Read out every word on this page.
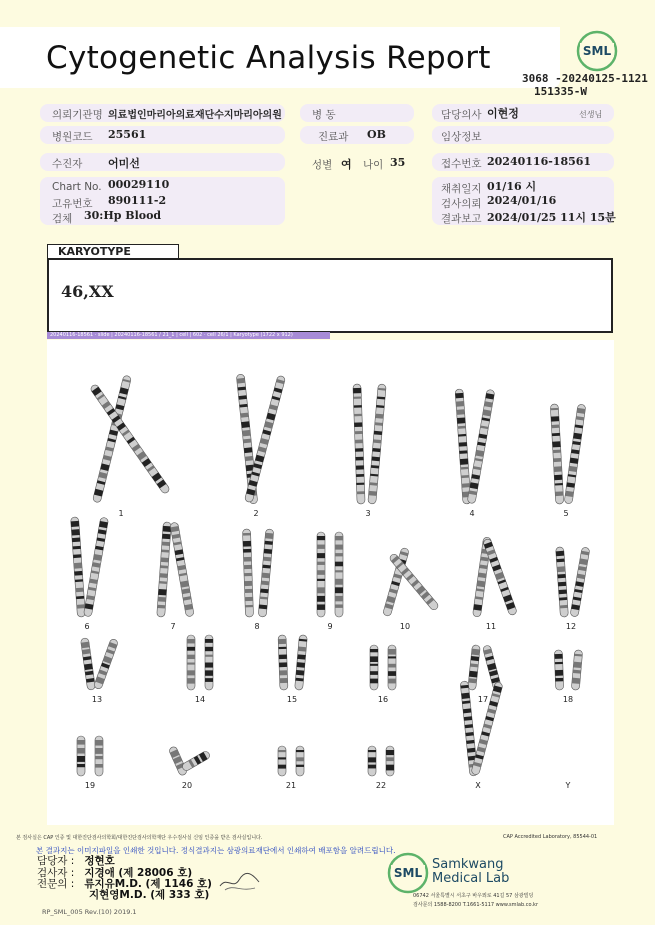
Cytogenetic Analysis Report	SML
3068 -20240125-1121
151335-W
의뢰기관명 의료법인마리아의료재단수지마리아의원	병 동	담당의사 이현정	선생님
병원코드 25561	진료과 OB	임상정보
수진자 어미선	성별 여 나이 35	접수번호 20240116-18561
Chart No. 00029110
고유번호 890111-2
검체 30:Hp Blood
채취일지 01/16 시
검사의뢰 2024/01/16
결과보고 2024/01/25 11시 15분
KARYOTYPE
46,XX
20240116-18561 · slide | 20240116-18561 / 21_1 | cell | 602 · cell 26/1 | Karyotype (1722 x 912)
1	2	3	4	5
6	7	8	9	10	11	12
13	14	15	16	17	18
19	20	21	22	X	Y
본 검사실은 CAP 인증 및 대한진단검사의학회/대한진단검사의학재단 우수검사실 신임 인증을 받은 검사실입니다.	CAP Accredited Laboratory, 85544-01
본 결과지는 이미지파일을 인쇄한 것입니다. 정식결과지는 삼광의료재단에서 인쇄하여 배포함을 알려드립니다.
담당자 : 정현호
검사자 : 지경애 (제 28006 호)
전문의 : 류지유M.D. (제 1146 호)
지현영M.D. (제 333 호)
RP_SML_005 Rev.(10) 2019.1
SML
Samkwang
Medical Lab
06742 서울특별시 서초구 바우뫼로 41길 57 삼광빌딩
검사문의 1588-8200 T.1661-5117 www.smlab.co.kr
